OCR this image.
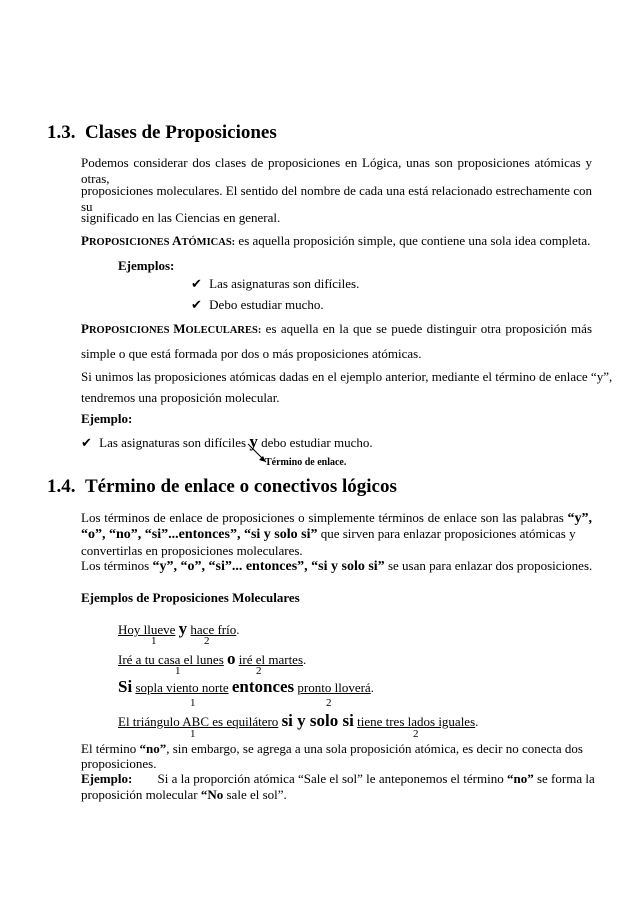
1.3. Clases de Proposiciones
Podemos considerar dos clases de proposiciones en Lógica, unas son proposiciones atómicas y otras,
proposiciones moleculares. El sentido del nombre de cada una está relacionado estrechamente con su
significado en las Ciencias en general.
PROPOSICIONES ATÓMICAS: es aquella proposición simple, que contiene una sola idea completa.
Ejemplos:
✔ Las asignaturas son difíciles.
✔ Debo estudiar mucho.
PROPOSICIONES MOLECULARES: es aquella en la que se puede distinguir otra proposición más
simple o que está formada por dos o más proposiciones atómicas.
Si unimos las proposiciones atómicas dadas en el ejemplo anterior, mediante el término de enlace “y”,
tendremos una proposición molecular.
Ejemplo:
✔ Las asignaturas son difíciles y debo estudiar mucho.
Término de enlace.
1.4. Término de enlace o conectivos lógicos
Los términos de enlace de proposiciones o simplemente términos de enlace son las palabras “y”,
“o”, “no”, “si”...entonces”, “si y solo si” que sirven para enlazar proposiciones atómicas y
convertirlas en proposiciones moleculares.
Los términos “y”, “o”, “si”... entonces”, “si y solo si” se usan para enlazar dos proposiciones.
Ejemplos de Proposiciones Moleculares
Hoy llueve y hace frío.
1	2
Iré a tu casa el lunes o iré el martes.
1	2
Si sopla viento norte entonces pronto lloverá.
1	2
El triángulo ABC es equilátero si y solo si tiene tres lados iguales.
1	2
El término “no”, sin embargo, se agrega a una sola proposición atómica, es decir no conecta dos
proposiciones.
Ejemplo: Si a la proporción atómica “Sale el sol” le anteponemos el término “no” se forma la
proposición molecular “No sale el sol”.
